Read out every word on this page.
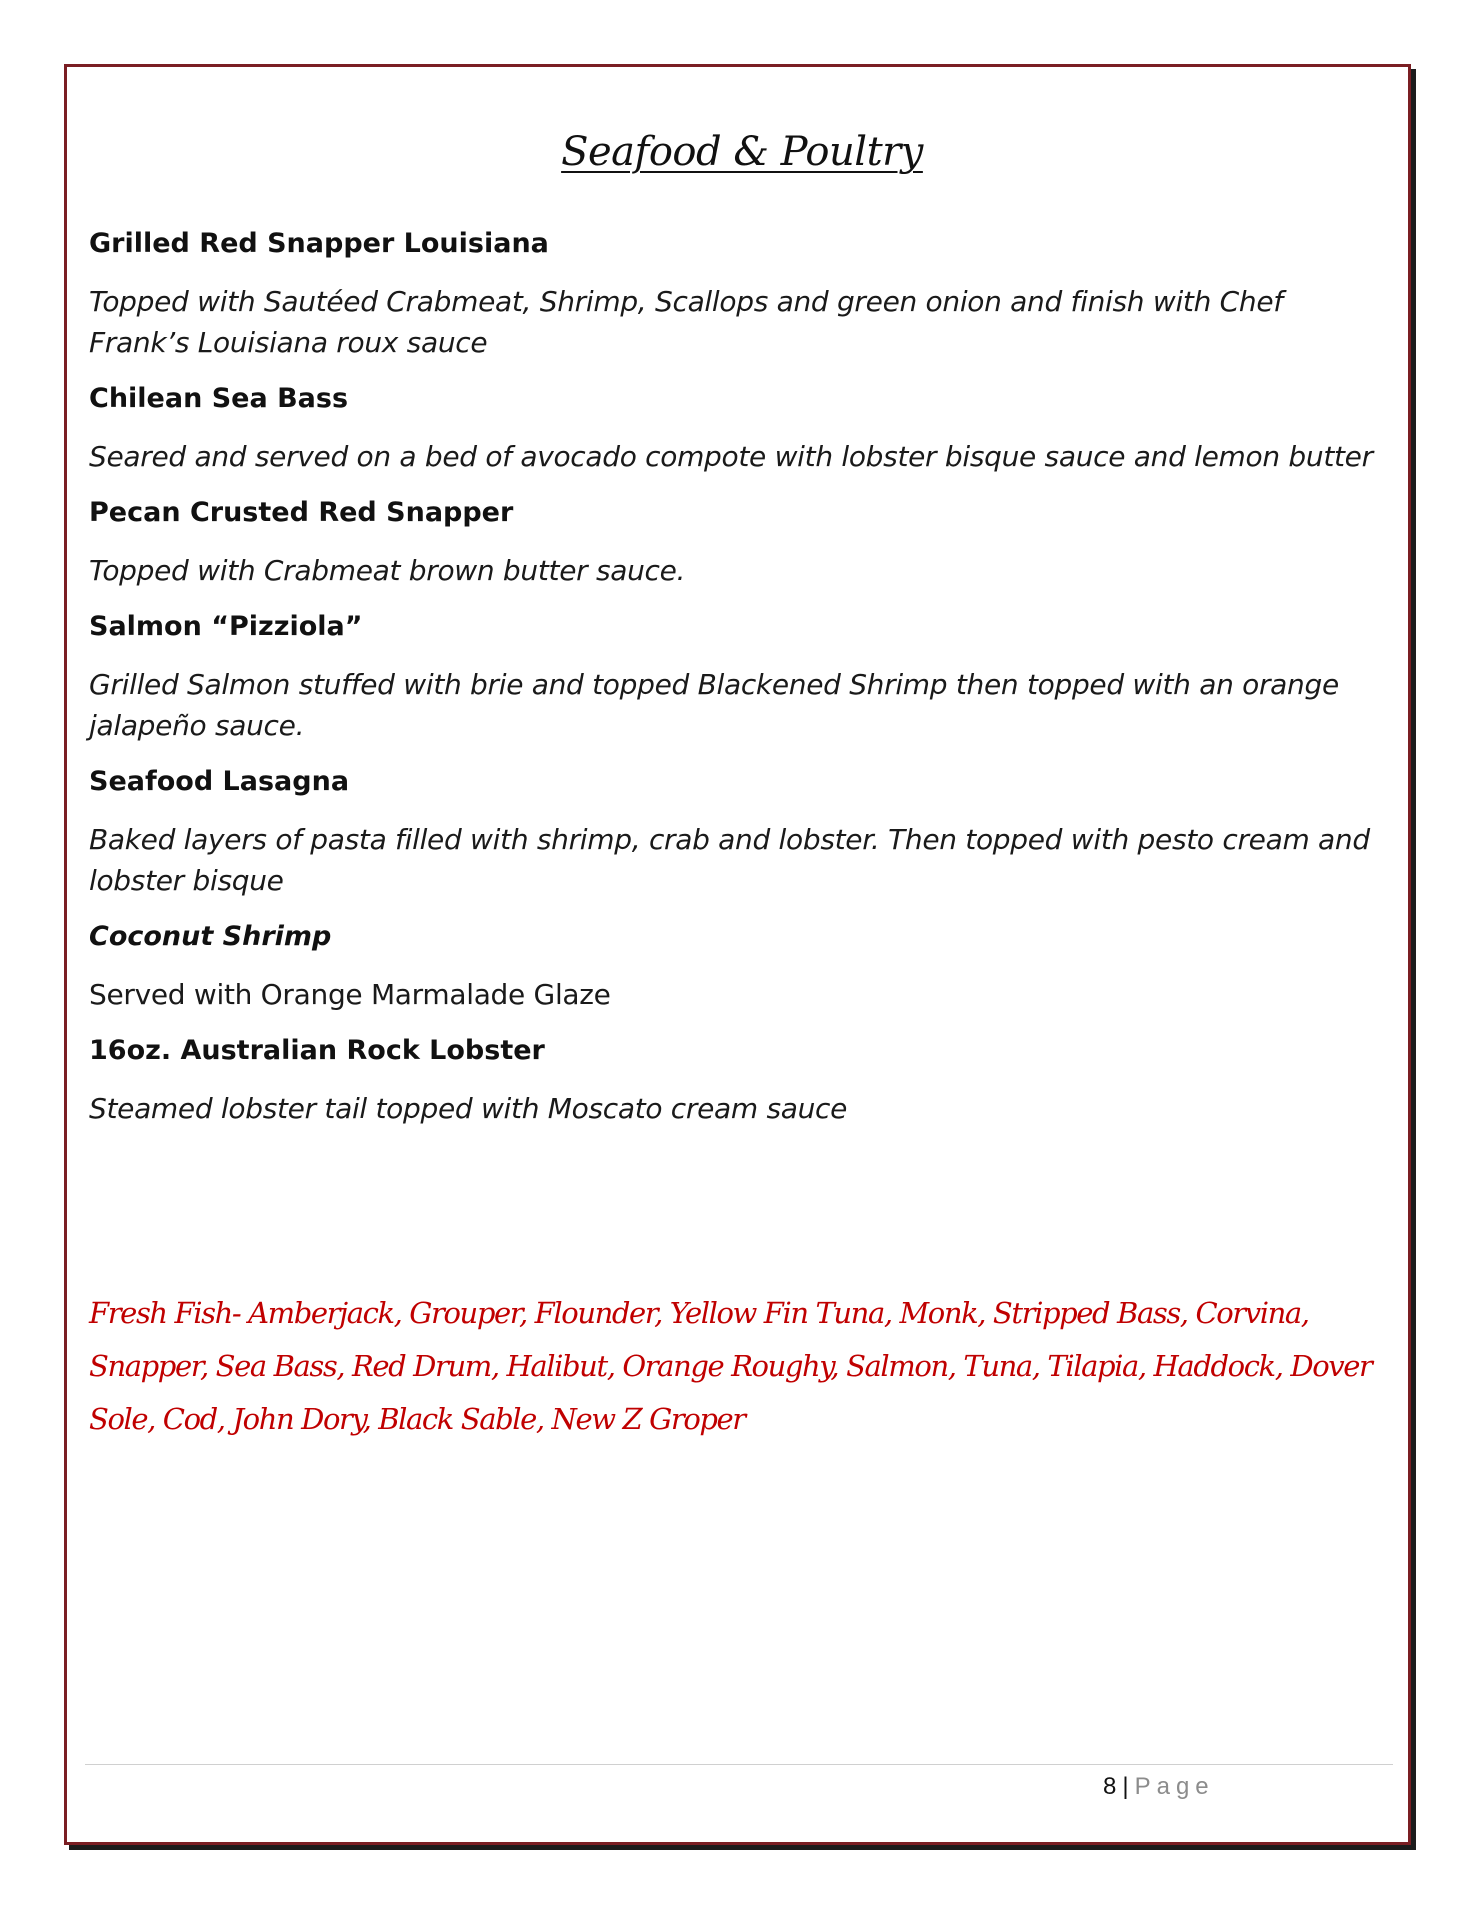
Seafood & Poultry
Grilled Red Snapper Louisiana
Topped with Sautéed Crabmeat, Shrimp, Scallops and green onion and finish with Chef Frank’s Louisiana roux sauce
Chilean Sea Bass
Seared and served on a bed of avocado compote with lobster bisque sauce and lemon butter
Pecan Crusted Red Snapper
Topped with Crabmeat brown butter sauce.
Salmon “Pizziola”
Grilled Salmon stuffed with brie and topped Blackened Shrimp then topped with an orange jalapeño sauce.
Seafood Lasagna
Baked layers of pasta filled with shrimp, crab and lobster. Then topped with pesto cream and lobster bisque
Coconut Shrimp
Served with Orange Marmalade Glaze
16oz. Australian Rock Lobster
Steamed lobster tail topped with Moscato cream sauce
Fresh Fish- Amberjack, Grouper, Flounder, Yellow Fin Tuna, Monk, Stripped Bass, Corvina, Snapper, Sea Bass, Red Drum, Halibut, Orange Roughy, Salmon, Tuna, Tilapia, Haddock, Dover Sole, Cod, John Dory, Black Sable, New Z Groper
8 | Page
